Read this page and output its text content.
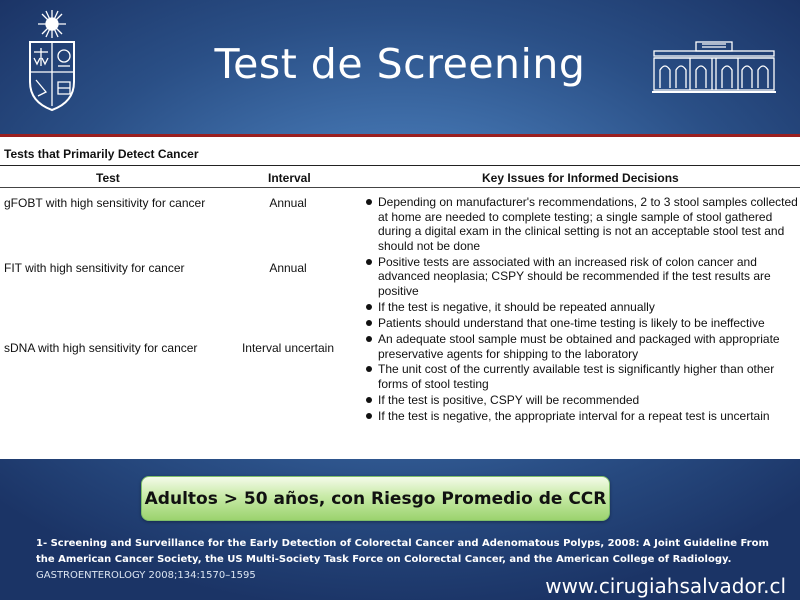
Test de Screening
Tests that Primarily Detect Cancer
Test	Interval	Key Issues for Informed Decisions
gFOBT with high sensitivity for cancer	Annual
FIT with high sensitivity for cancer	Annual
sDNA with high sensitivity for cancer	Interval uncertain
Depending on manufacturer's recommendations, 2 to 3 stool samples collected at home are needed to complete testing; a single sample of stool gathered during a digital exam in the clinical setting is not an acceptable stool test and should not be done
Positive tests are associated with an increased risk of colon cancer and advanced neoplasia; CSPY should be recommended if the test results are positive
If the test is negative, it should be repeated annually
Patients should understand that one-time testing is likely to be ineffective
An adequate stool sample must be obtained and packaged with appropriate preservative agents for shipping to the laboratory
The unit cost of the currently available test is significantly higher than other forms of stool testing
If the test is positive, CSPY will be recommended
If the test is negative, the appropriate interval for a repeat test is uncertain
Adultos > 50 años, con Riesgo Promedio de CCR
1- Screening and Surveillance for the Early Detection of Colorectal Cancer and Adenomatous Polyps, 2008: A Joint Guideline From the American Cancer Society, the US Multi-Society Task Force on Colorectal Cancer, and the American College of Radiology. GASTROENTEROLOGY 2008;134:1570–1595	www.cirugiahsalvador.cl
